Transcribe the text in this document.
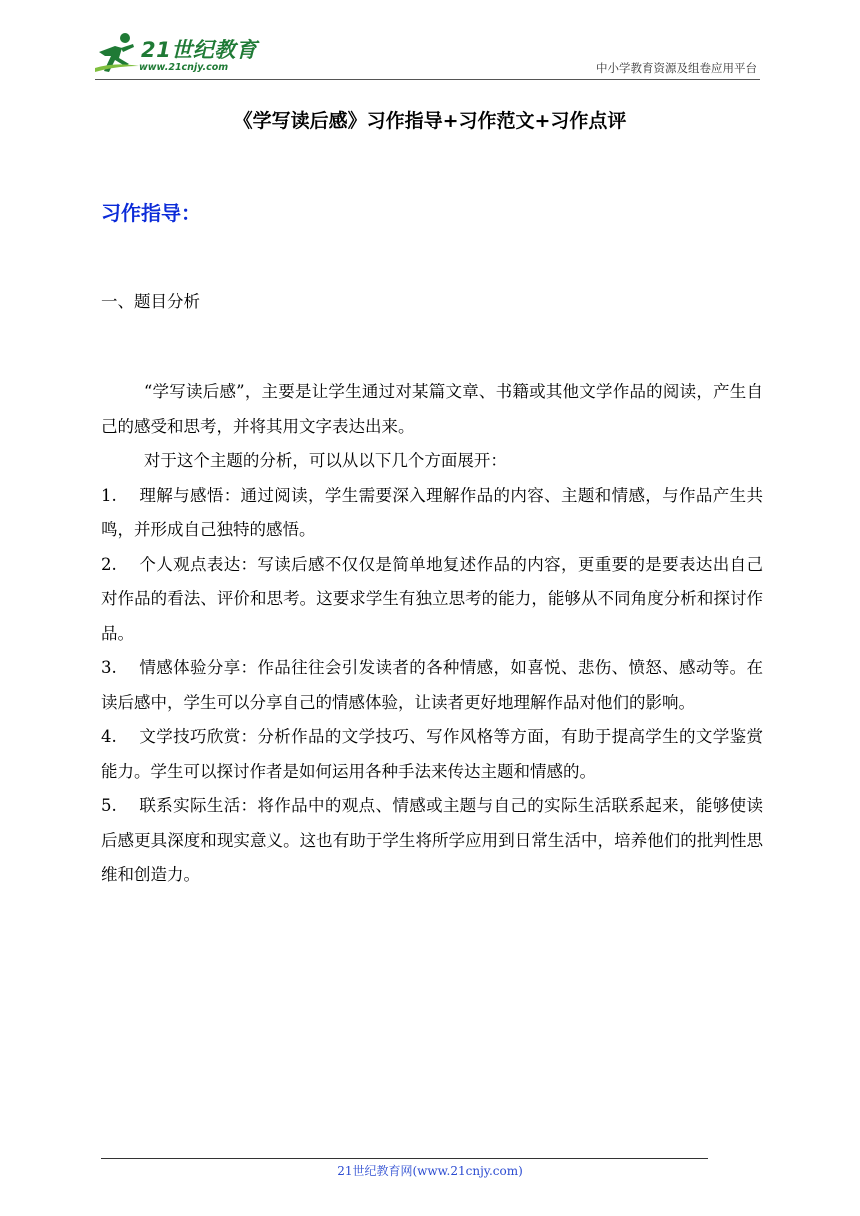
21世纪教育
www.21cnjy.com	中小学教育资源及组卷应用平台
《学写读后感》习作指导+习作范文+习作点评
习作指导：
一、题目分析

“学写读后感”，主要是让学生通过对某篇文章、书籍或其他文学作品的阅读，产生自己的感受和思考，并将其用文字表达出来。

对于这个主题的分析，可以从以下几个方面展开：

1. 理解与感悟：通过阅读，学生需要深入理解作品的内容、主题和情感，与作品产生共鸣，并形成自己独特的感悟。

2. 个人观点表达：写读后感不仅仅是简单地复述作品的内容，更重要的是要表达出自己对作品的看法、评价和思考。这要求学生有独立思考的能力，能够从不同角度分析和探讨作品。

3. 情感体验分享：作品往往会引发读者的各种情感，如喜悦、悲伤、愤怒、感动等。在读后感中，学生可以分享自己的情感体验，让读者更好地理解作品对他们的影响。

4. 文学技巧欣赏：分析作品的文学技巧、写作风格等方面，有助于提高学生的文学鉴赏能力。学生可以探讨作者是如何运用各种手法来传达主题和情感的。

5. 联系实际生活：将作品中的观点、情感或主题与自己的实际生活联系起来，能够使读后感更具深度和现实意义。这也有助于学生将所学应用到日常生活中，培养他们的批判性思维和创造力。

21世纪教育网(www.21cnjy.com)
